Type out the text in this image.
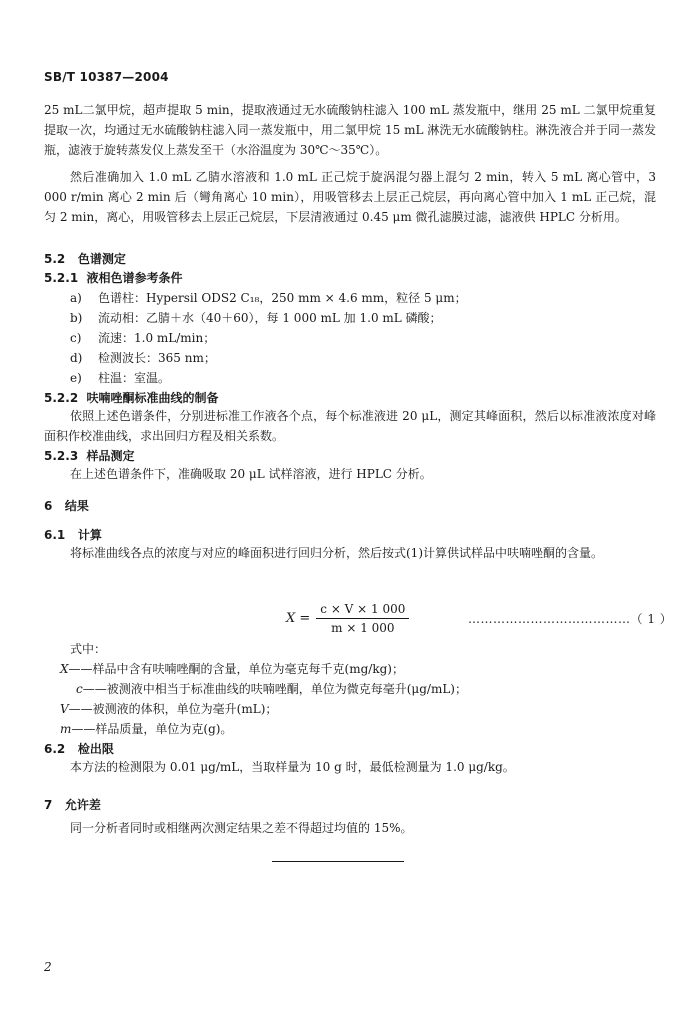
SB/T 10387—2004
25 mL二氯甲烷，超声提取 5 min，提取液通过无水硫酸钠柱滤入 100 mL 蒸发瓶中，继用 25 mL 二氯甲烷重复提取一次，均通过无水硫酸钠柱滤入同一蒸发瓶中，用二氯甲烷 15 mL 淋洗无水硫酸钠柱。淋洗液合并于同一蒸发瓶，滤液于旋转蒸发仪上蒸发至干（水浴温度为 30℃～35℃）。
然后准确加入 1.0 mL 乙腈水溶液和 1.0 mL 正己烷于旋涡混匀器上混匀 2 min，转入 5 mL 离心管中，3 000 r/min 离心 2 min 后（彎角离心 10 min），用吸管移去上层正己烷层，再向离心管中加入 1 mL 正己烷，混匀 2 min，离心，用吸管移去上层正己烷层，下层清液通过 0.45 μm 微孔滤膜过滤，滤液供 HPLC 分析用。
5.2 色谱测定
5.2.1 液相色谱参考条件
a) 色谱柱：Hypersil ODS2 C₁₈，250 mm × 4.6 mm，粒径 5 μm；
b) 流动相：乙腈＋水（40＋60），每 1 000 mL 加 1.0 mL 磷酸；
c) 流速：1.0 mL/min；
d) 检测波长：365 nm；
e) 柱温：室温。
5.2.2 呋喃唑酮标准曲线的制备
依照上述色谱条件，分别进标准工作液各个点，每个标准液进 20 μL，测定其峰面积，然后以标准液浓度对峰面积作校准曲线，求出回归方程及相关系数。
5.2.3 样品测定
在上述色谱条件下，准确吸取 20 μL 试样溶液，进行 HPLC 分析。
6 结果
6.1 计算
将标准曲线各点的浓度与对应的峰面积进行回归分析，然后按式(1)计算供试样品中呋喃唑酮的含量。
$X = \frac{c \times V \times 1 000}{m \times 1 000}$	…………………………………（ 1 ）
式中：
X——样品中含有呋喃唑酮的含量，单位为毫克每千克(mg/kg)；
c——被测液中相当于标准曲线的呋喃唑酮，单位为微克每毫升(μg/mL)；
V——被测液的体积，单位为毫升(mL)；
m——样品质量，单位为克(g)。
6.2 检出限
本方法的检测限为 0.01 μg/mL，当取样量为 10 g 时，最低检测量为 1.0 μg/kg。
7 允许差
同一分析者同时或相继两次测定结果之差不得超过均值的 15%。
2
